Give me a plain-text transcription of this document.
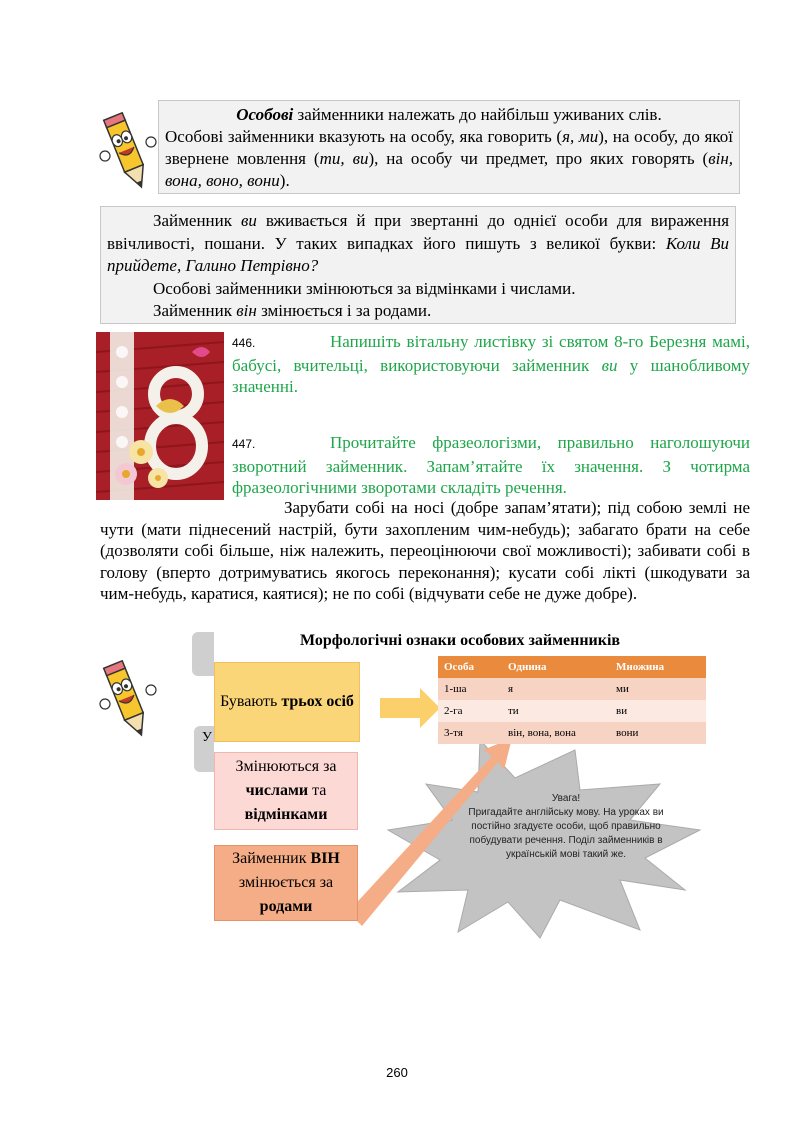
Особові займенники належать до найбільш уживаних слів.

Особові займенники вказують на особу, яка говорить (я, ми), на особу, до якої звернене мовлення (ти, ви), на особу чи предмет, про яких говорять (він, вона, воно, вони).

Займенник ви вживається й при звертанні до однієї особи для вираження ввічливості, пошани. У таких випадках його пишуть з великої букви: Коли Ви прийдете, Галино Петрівно?

Особові займенники змінюються за відмінками і числами.

Займенник він змінюється і за родами.

446.	Напишіть вітальну листівку зі святом 8-го Березня мамі, бабусі, вчительці, використовуючи займенник ви у шанобливому значенні.
447.	Прочитайте фразеологізми, правильно наголошуючи зворотний займенник. Запам’ятайте їх значення. З чотирма фразеологічними зворотами складіть речення.

Зарубати собі на носі (добре запам’ятати); під собою землі не чути (мати піднесений настрій, бути захопленим чим-небудь); забагато брати на себе (дозволяти собі більше, ніж належить, переоцінюючи свої можливості); забивати собі в голову (вперто дотримуватись якогось переконання); кусати собі лікті (шкодувати за чим-небудь, каратися, каятися); не по собі (відчувати себе не дуже добре).

У
Морфологічні ознаки особових займенників
Бувають трьох осіб
Змінюються за числами та
відмінками
Займенник ВІН
змінюється за
родами
Особа	Однина	Множина
1-ша	я	ми
2-га	ти	ви
3-тя	він, вона, вона	вони
Увага!
Пригадайте англійську мову. На уроках ви постійно згадуєте особи, щоб правильно побудувати речення. Поділ займенників в українській мові такий же.
260
